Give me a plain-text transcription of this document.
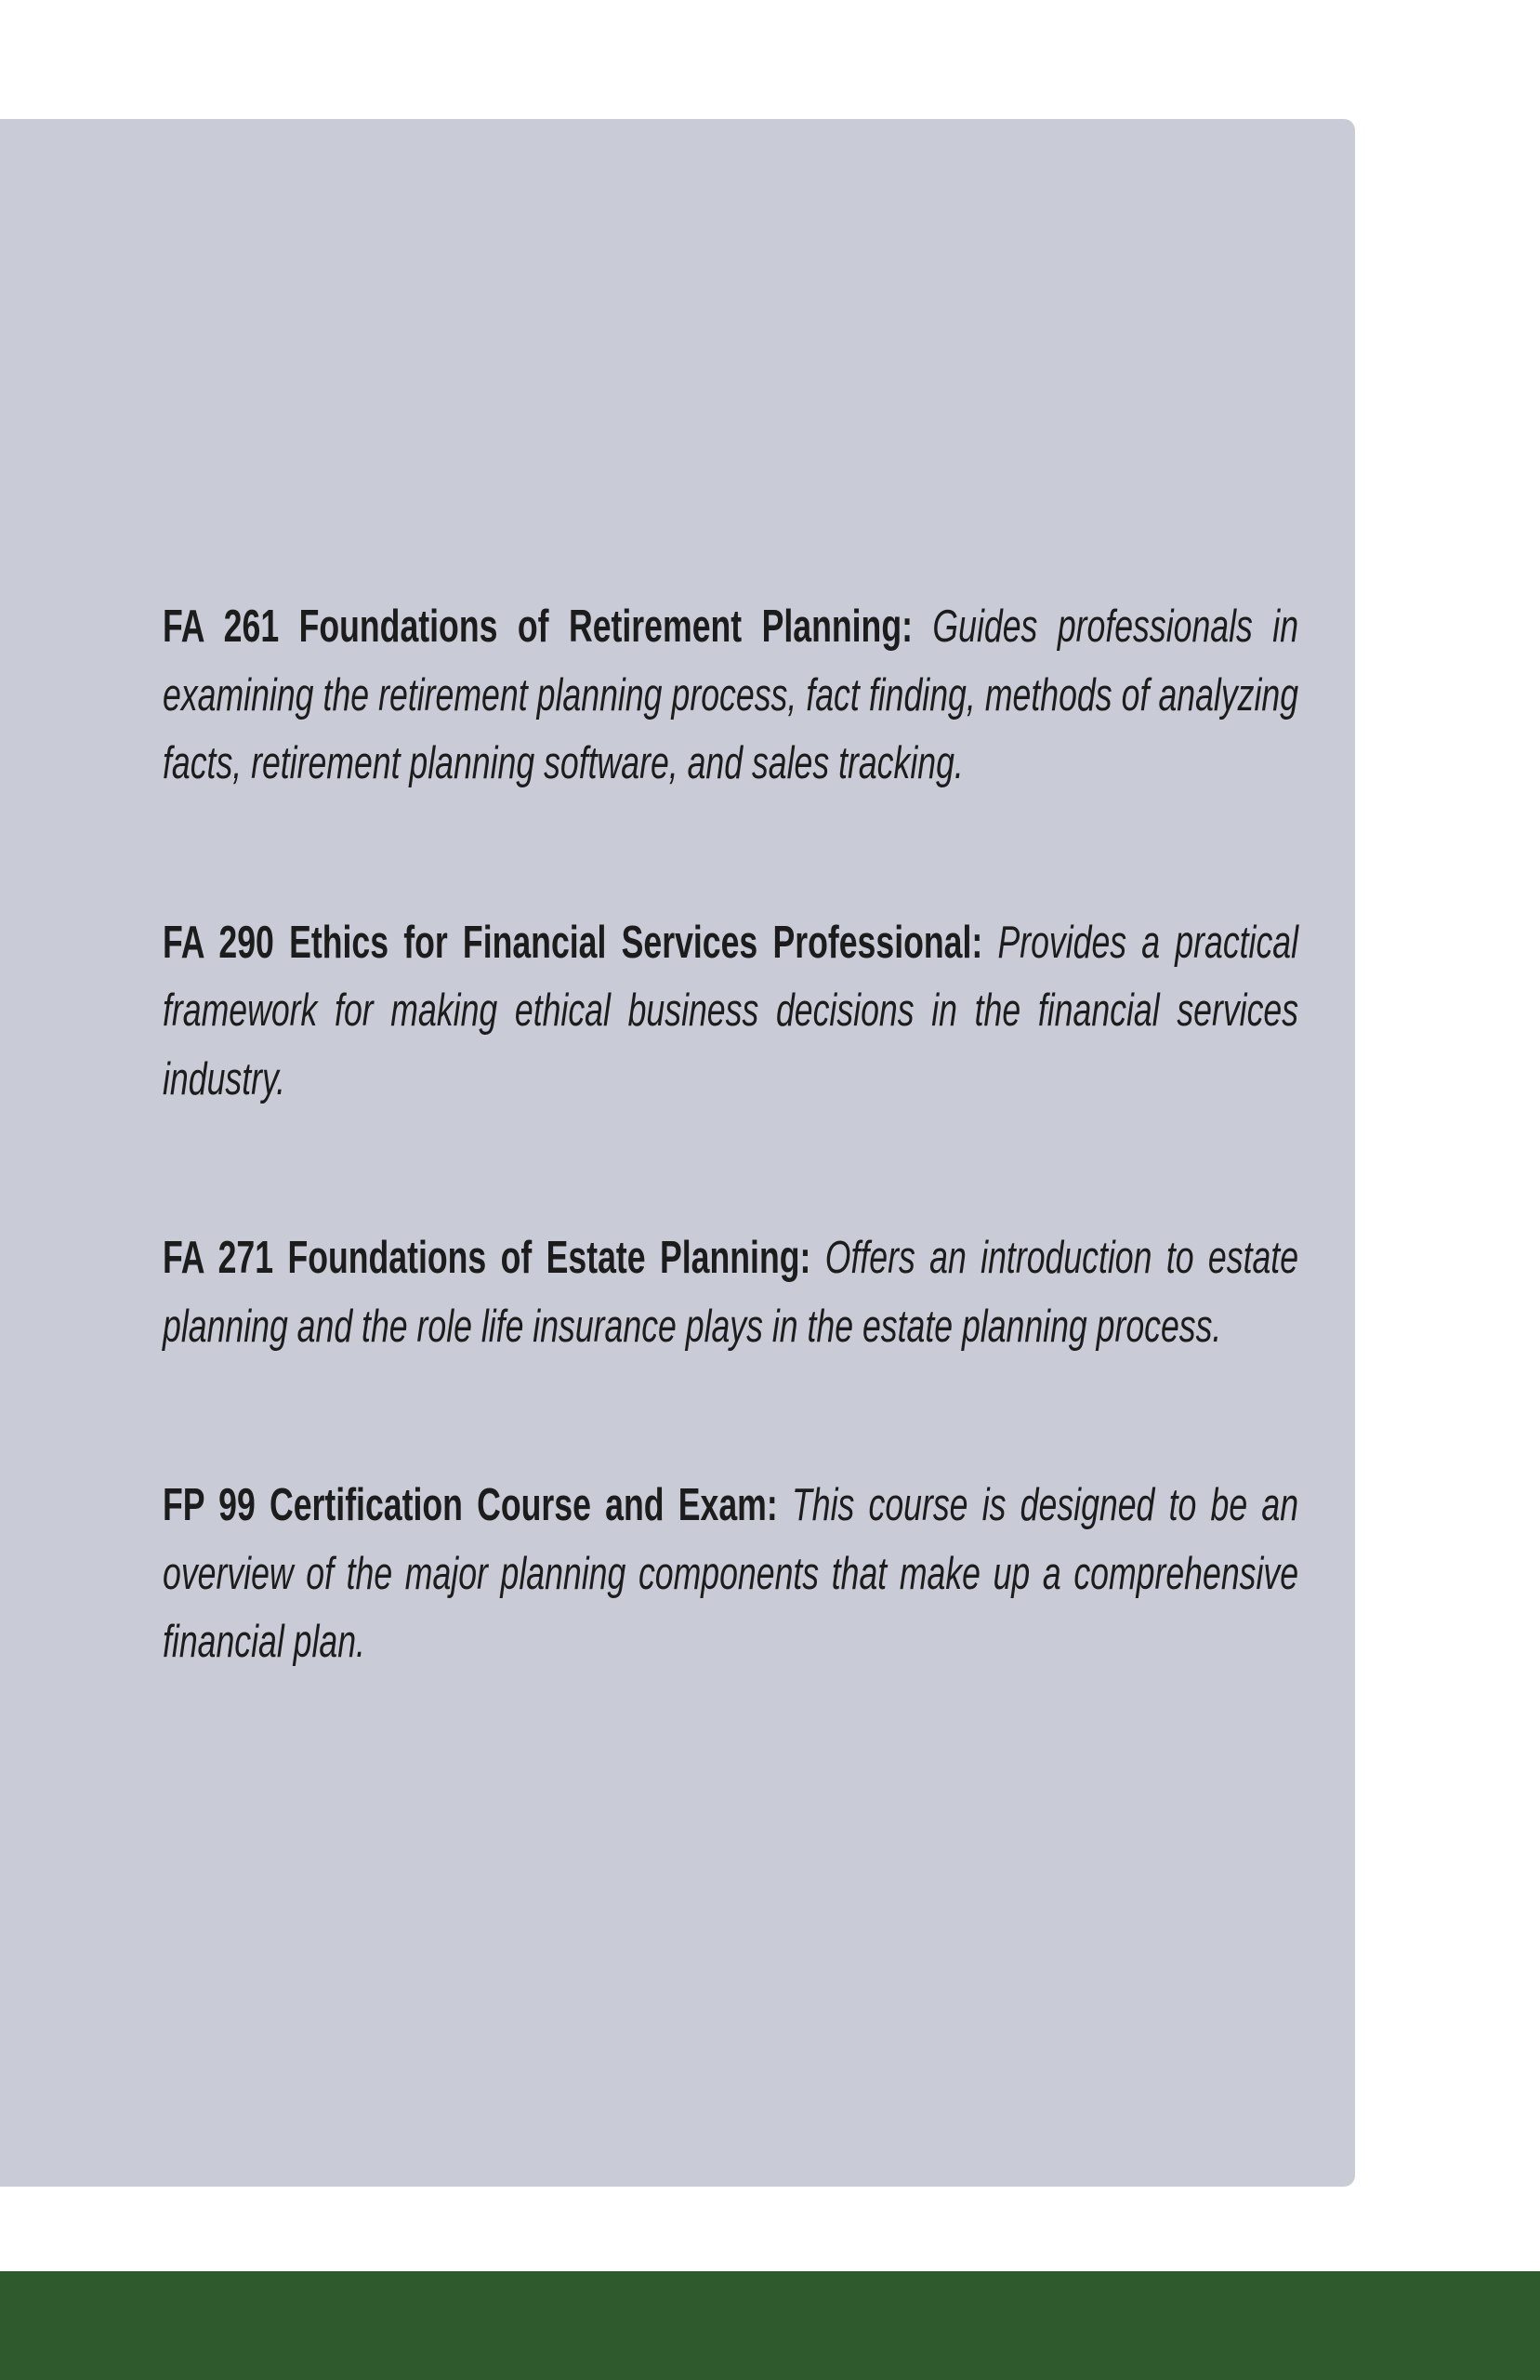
FA 261 Foundations of Retirement Planning: Guides professionals in examining the retirement planning process, fact finding, methods of analyzing facts, retirement planning software, and sales tracking.
FA 290 Ethics for Financial Services Professional: Provides a practical framework for making ethical business decisions in the financial services industry.
FA 271 Foundations of Estate Planning: Offers an introduction to estate planning and the role life insurance plays in the estate planning process.
FP 99 Certification Course and Exam: This course is designed to be an overview of the major planning components that make up a comprehensive financial plan.
